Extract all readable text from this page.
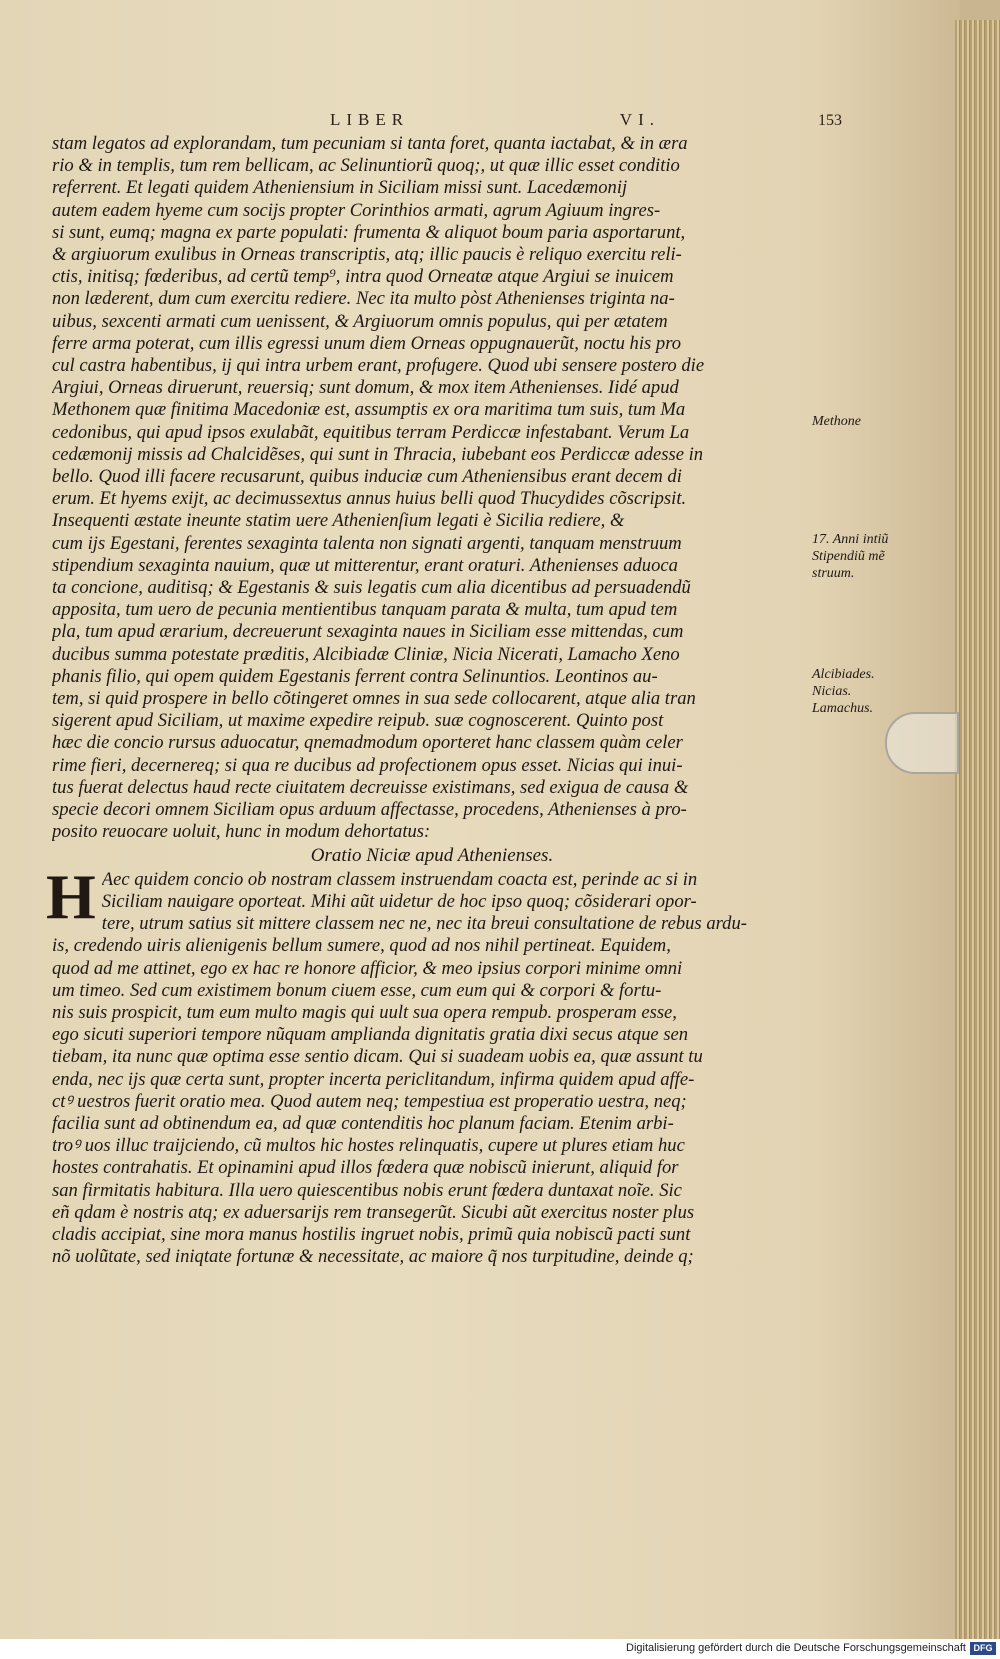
LIBER	VI.	153
stam legatos ad explorandam, tum pecuniam si tanta foret, quanta iactabat, & in æra
rio & in templis, tum rem bellicam, ac Selinuntiorũ quoq;, ut quæ illic esset conditio
referrent. Et legati quidem Atheniensium in Siciliam missi sunt. Lacedæmonij
autem eadem hyeme cum socijs propter Corinthios armati, agrum Agiuum ingres-
si sunt, eumq; magna ex parte populati: frumenta & aliquot boum paria asportarunt,
& argiuorum exulibus in Orneas transcriptis, atq; illic paucis è reliquo exercitu reli-
ctis, initisq; fœderibus, ad certũ temp⁹, intra quod Orneatæ atque Argiui se inuicem
non læderent, dum cum exercitu rediere. Nec ita multo pòst Athenienses triginta na-
uibus, sexcenti armati cum uenissent, & Argiuorum omnis populus, qui per ætatem
ferre arma poterat, cum illis egressi unum diem Orneas oppugnauerũt, noctu his pro
cul castra habentibus, ij qui intra urbem erant, profugere. Quod ubi sensere postero die
Argiui, Orneas diruerunt, reuersiq; sunt domum, & mox item Athenienses. Iidé apud
Methonem quæ finitima Macedoniæ est, assumptis ex ora maritima tum suis, tum Ma
cedonibus, qui apud ipsos exulabãt, equitibus terram Perdiccæ infestabant. Verum La
cedæmonij missis ad Chalcidẽses, qui sunt in Thracia, iubebant eos Perdiccæ adesse in
bello. Quod illi facere recusarunt, quibus induciæ cum Atheniensibus erant decem di
erum. Et hyems exijt, ac decimussextus annus huius belli quod Thucydides cõscripsit.
Insequenti æstate ineunte statim uere Athenienſium legati è Sicilia rediere, &
cum ijs Egestani, ferentes sexaginta talenta non signati argenti, tanquam menstruum
stipendium sexaginta nauium, quæ ut mitterentur, erant oraturi. Athenienses aduoca
ta concione, auditisq; & Egestanis & suis legatis cum alia dicentibus ad persuadendũ
apposita, tum uero de pecunia mentientibus tanquam parata & multa, tum apud tem
pla, tum apud ærarium, decreuerunt sexaginta naues in Siciliam esse mittendas, cum
ducibus summa potestate præditis, Alcibiadæ Cliniæ, Nicia Nicerati, Lamacho Xeno
phanis filio, qui opem quidem Egestanis ferrent contra Selinuntios. Leontinos au-
tem, si quid prospere in bello cõtingeret omnes in sua sede collocarent, atque alia tran
sigerent apud Siciliam, ut maxime expedire reipub. suæ cognoscerent. Quinto post
hæc die concio rursus aduocatur, qnemadmodum oporteret hanc classem quàm celer
rime fieri, decernereq; si qua re ducibus ad profectionem opus esset. Nicias qui inui-
tus fuerat delectus haud recte ciuitatem decreuisse existimans, sed exigua de causa &
specie decori omnem Siciliam opus arduum affectasse, procedens, Athenienses à pro-
posito reuocare uoluit, hunc in modum dehortatus:
Oratio Niciæ apud Athenienses.
H Aec quidem concio ob nostram classem instruendam coacta est, perinde ac si in
Siciliam nauigare oporteat. Mihi aũt uidetur de hoc ipso quoq; cõsiderari opor-
tere, utrum satius sit mittere classem nec ne, nec ita breui consultatione de rebus ardu-
is, credendo uiris alienigenis bellum sumere, quod ad nos nihil pertineat. Equidem,
quod ad me attinet, ego ex hac re honore afficior, & meo ipsius corpori minime omni
um timeo. Sed cum existimem bonum ciuem esse, cum eum qui & corpori & fortu-
nis suis prospicit, tum eum multo magis qui uult sua opera rempub. prosperam esse,
ego sicuti superiori tempore nũquam amplianda dignitatis gratia dixi secus atque sen
tiebam, ita nunc quæ optima esse sentio dicam. Qui si suadeam uobis ea, quæ assunt tu
enda, nec ijs quæ certa sunt, propter incerta periclitandum, infirma quidem apud affe-
ctꝰ uestros fuerit oratio mea. Quod autem neq; tempestiua est properatio uestra, neq;
facilia sunt ad obtinendum ea, ad quæ contenditis hoc planum faciam. Etenim arbi-
troꝰ uos illuc traijciendo, cũ multos hic hostes relinquatis, cupere ut plures etiam huc
hostes contrahatis. Et opinamini apud illos fœdera quæ nobiscũ inierunt, aliquid for
san firmitatis habitura. Illa uero quiescentibus nobis erunt fœdera duntaxat noĩe. Sic
eñ qdam è nostris atq; ex aduersarijs rem transegerũt. Sicubi aũt exercitus noster plus
cladis accipiat, sine mora manus hostilis ingruet nobis, primũ quia nobiscũ pacti sunt
nõ uolũtate, sed iniqtate fortunæ & necessitate, ac maiore q̃ nos turpitudine, deinde q;
Methone
17. Anni intiũ
Stipendiũ mẽ
struum.
Alcibiades.
Nicias.
Lamachus.
Digitalisierung gefördert durch die Deutsche Forschungsgemeinschaft DFG
